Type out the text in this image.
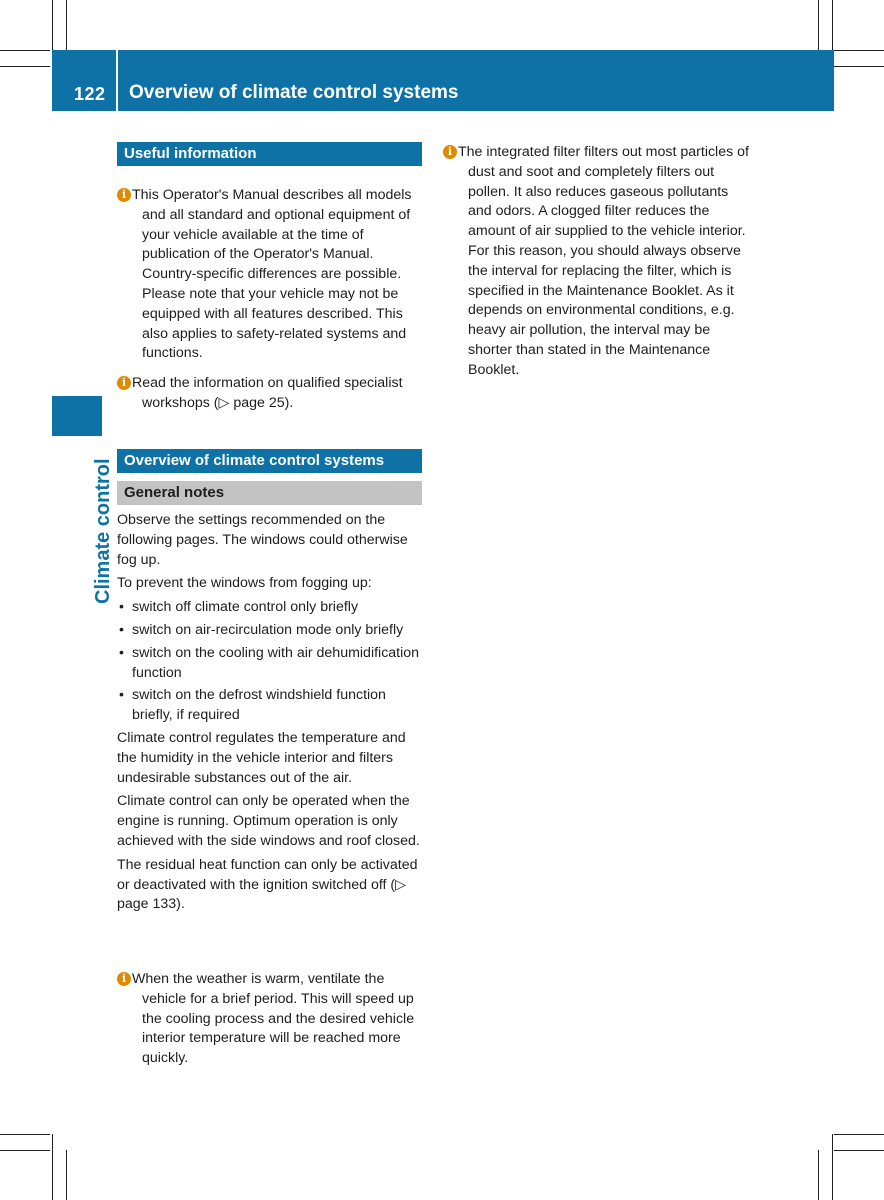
122 Overview of climate control systems
Climate control
Useful information
i This Operator's Manual describes all models and all standard and optional equipment of your vehicle available at the time of publication of the Operator's Manual. Country-specific differences are possible. Please note that your vehicle may not be equipped with all features described. This also applies to safety-related systems and functions.
i Read the information on qualified specialist workshops (▷ page 25).
Overview of climate control systems
General notes

Observe the settings recommended on the following pages. The windows could otherwise fog up.

To prevent the windows from fogging up:

• switch off climate control only briefly
• switch on air-recirculation mode only briefly
• switch on the cooling with air dehumidification function
• switch on the defrost windshield function briefly, if required

Climate control regulates the temperature and the humidity in the vehicle interior and filters undesirable substances out of the air.

Climate control can only be operated when the engine is running. Optimum operation is only achieved with the side windows and roof closed.

The residual heat function can only be activated or deactivated with the ignition switched off (▷ page 133).

i When the weather is warm, ventilate the vehicle for a brief period. This will speed up the cooling process and the desired vehicle interior temperature will be reached more quickly.
i The integrated filter filters out most particles of dust and soot and completely filters out pollen. It also reduces gaseous pollutants and odors. A clogged filter reduces the amount of air supplied to the vehicle interior. For this reason, you should always observe the interval for replacing the filter, which is specified in the Maintenance Booklet. As it depends on environmental conditions, e.g. heavy air pollution, the interval may be shorter than stated in the Maintenance Booklet.
